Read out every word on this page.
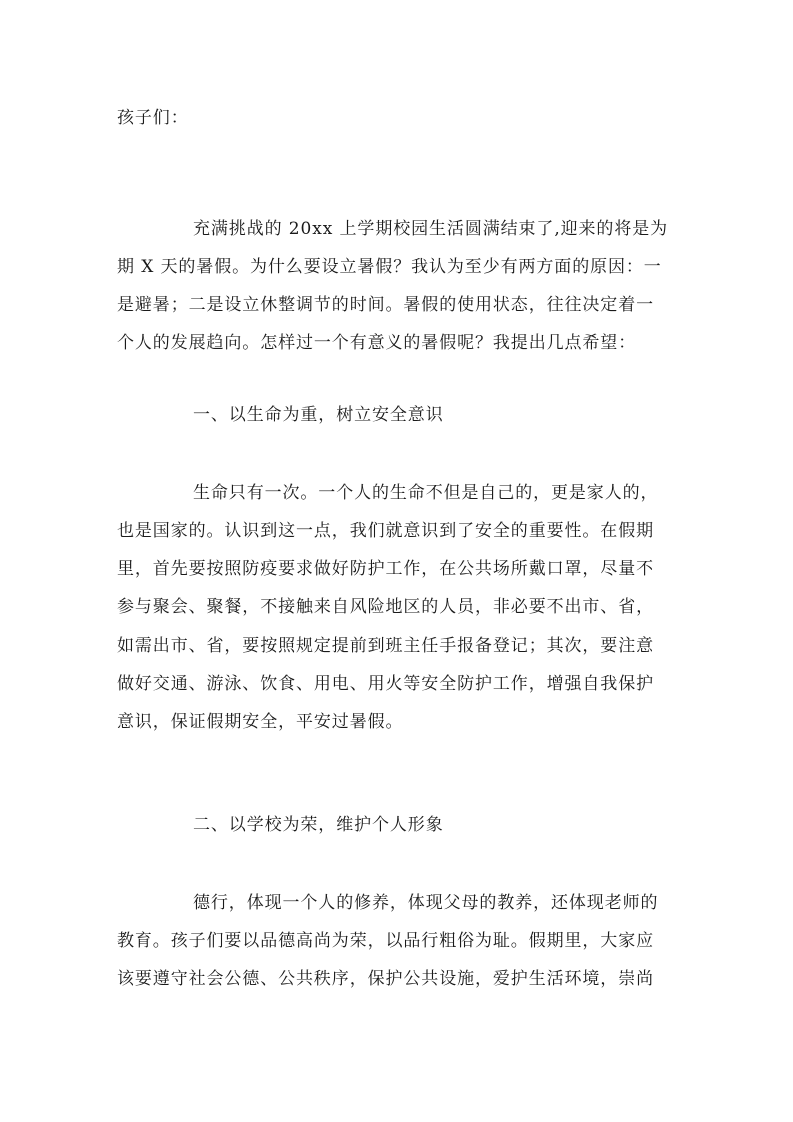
孩子们：

充满挑战的 20xx 上学期校园生活圆满结束了,迎来的将是为

期 X 天的暑假。为什么要设立暑假？我认为至少有两方面的原因：一

是避暑；二是设立休整调节的时间。暑假的使用状态，往往决定着一

个人的发展趋向。怎样过一个有意义的暑假呢？我提出几点希望：

一、以生命为重，树立安全意识

生命只有一次。一个人的生命不但是自己的，更是家人的，

也是国家的。认识到这一点，我们就意识到了安全的重要性。在假期

里，首先要按照防疫要求做好防护工作，在公共场所戴口罩，尽量不

参与聚会、聚餐，不接触来自风险地区的人员，非必要不出市、省，

如需出市、省，要按照规定提前到班主任手报备登记；其次，要注意

做好交通、游泳、饮食、用电、用火等安全防护工作，增强自我保护

意识，保证假期安全，平安过暑假。

二、以学校为荣，维护个人形象

德行，体现一个人的修养，体现父母的教养，还体现老师的

教育。孩子们要以品德高尚为荣，以品行粗俗为耻。假期里，大家应

该要遵守社会公德、公共秩序，保护公共设施，爱护生活环境，崇尚
